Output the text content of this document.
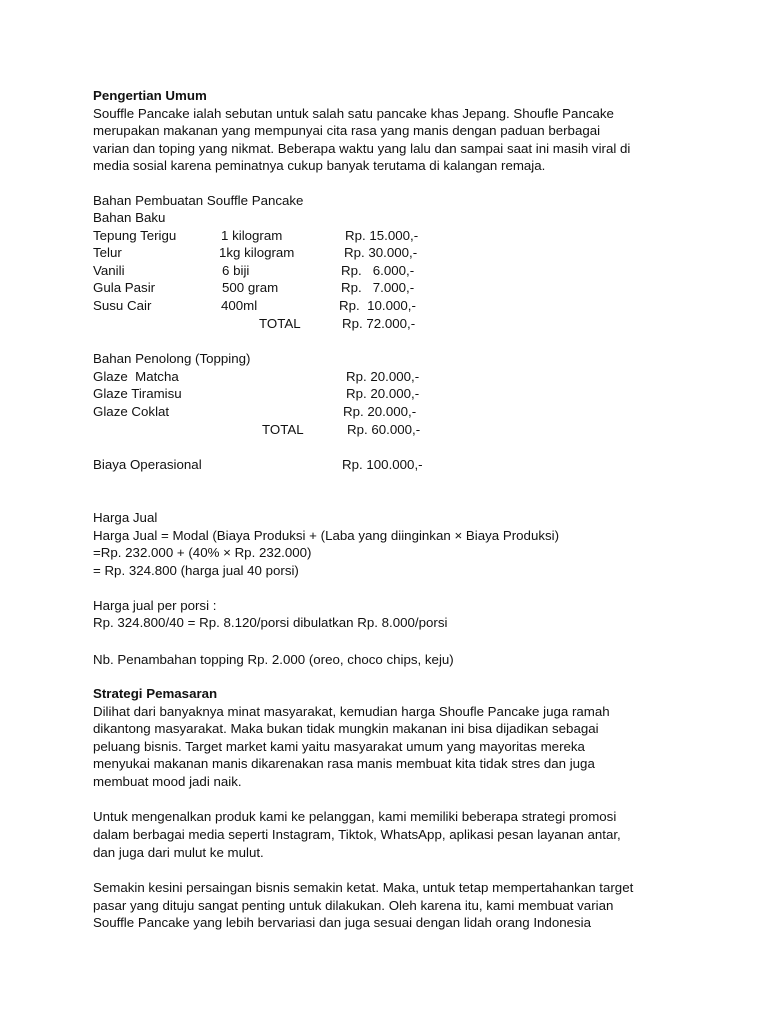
Pengertian Umum
Souffle Pancake ialah sebutan untuk salah satu pancake khas Jepang. Shoufle Pancake
merupakan makanan yang mempunyai cita rasa yang manis dengan paduan berbagai
varian dan toping yang nikmat. Beberapa waktu yang lalu dan sampai saat ini masih viral di
media sosial karena peminatnya cukup banyak terutama di kalangan remaja.
Bahan Pembuatan Souffle Pancake
Bahan Baku
Tepung Terigu	1 kilogram	Rp. 15.000,-
Telur	1kg kilogram	Rp. 30.000,-
Vanili	6 biji	Rp.   6.000,-
Gula Pasir	500 gram	Rp.   7.000,-
Susu Cair	400ml	Rp.  10.000,-
TOTAL	Rp. 72.000,-
Bahan Penolong (Topping)
Glaze  Matcha	Rp. 20.000,-
Glaze Tiramisu	Rp. 20.000,-
Glaze Coklat	Rp. 20.000,-
TOTAL	Rp. 60.000,-
Biaya Operasional	Rp. 100.000,-
Harga Jual
Harga Jual = Modal (Biaya Produksi + (Laba yang diinginkan × Biaya Produksi)
=Rp. 232.000 + (40% × Rp. 232.000)
= Rp. 324.800 (harga jual 40 porsi)
Harga jual per porsi :
Rp. 324.800/40 = Rp. 8.120/porsi dibulatkan Rp. 8.000/porsi
Nb. Penambahan topping Rp. 2.000 (oreo, choco chips, keju)
Strategi Pemasaran
Dilihat dari banyaknya minat masyarakat, kemudian harga Shoufle Pancake juga ramah
dikantong masyarakat. Maka bukan tidak mungkin makanan ini bisa dijadikan sebagai
peluang bisnis. Target market kami yaitu masyarakat umum yang mayoritas mereka
menyukai makanan manis dikarenakan rasa manis membuat kita tidak stres dan juga
membuat mood jadi naik.
Untuk mengenalkan produk kami ke pelanggan, kami memiliki beberapa strategi promosi
dalam berbagai media seperti Instagram, Tiktok, WhatsApp, aplikasi pesan layanan antar,
dan juga dari mulut ke mulut.
Semakin kesini persaingan bisnis semakin ketat. Maka, untuk tetap mempertahankan target
pasar yang dituju sangat penting untuk dilakukan. Oleh karena itu, kami membuat varian
Souffle Pancake yang lebih bervariasi dan juga sesuai dengan lidah orang Indonesia
